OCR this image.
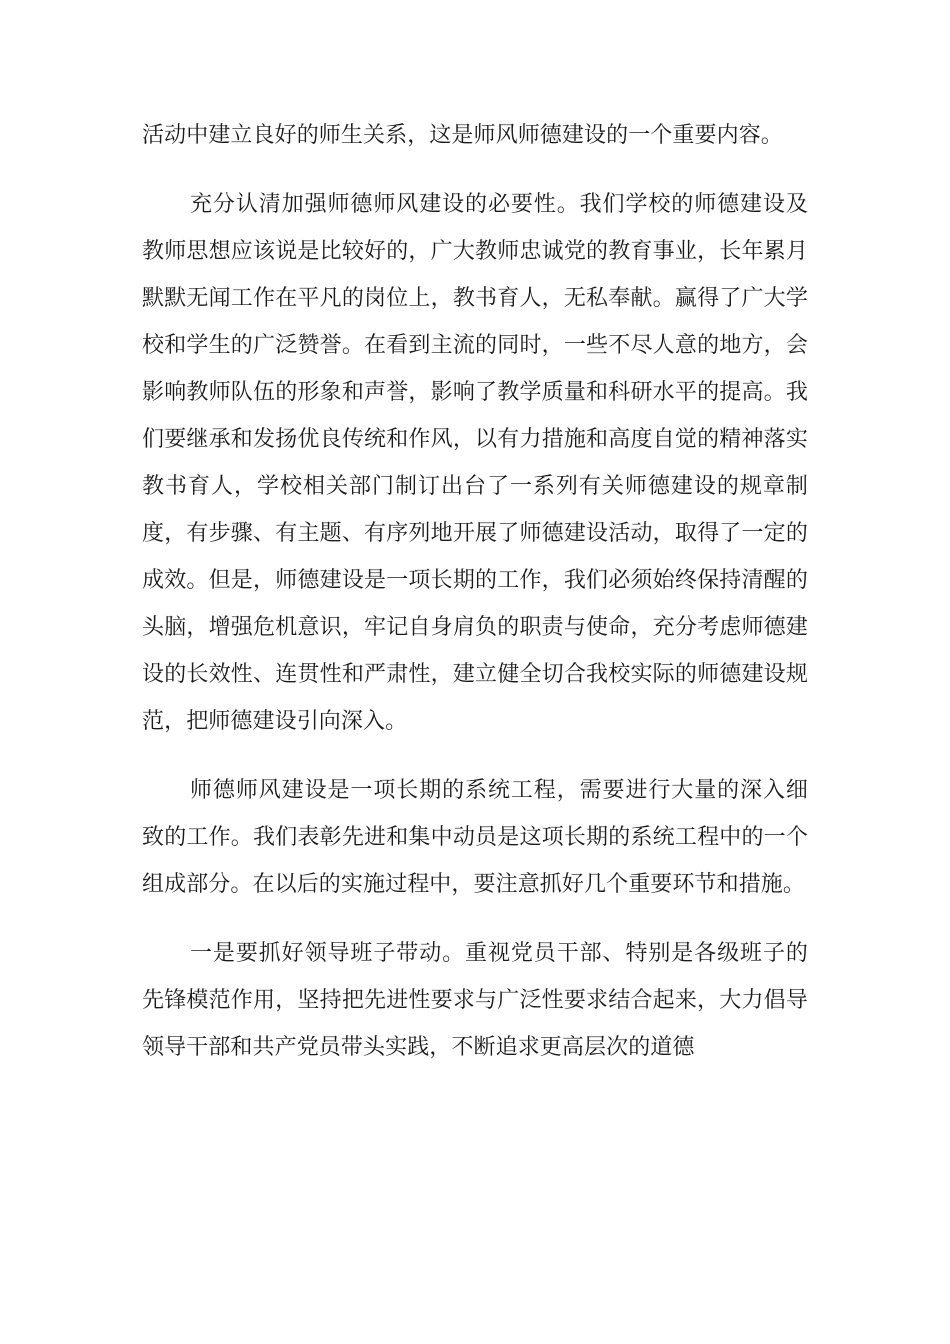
活动中建立良好的师生关系，这是师风师德建设的一个重要内容。

充分认清加强师德师风建设的必要性。我们学校的师德建设及教师思想应该说是比较好的，广大教师忠诚党的教育事业，长年累月默默无闻工作在平凡的岗位上，教书育人，无私奉献。赢得了广大学校和学生的广泛赞誉。在看到主流的同时，一些不尽人意的地方，会影响教师队伍的形象和声誉，影响了教学质量和科研水平的提高。我们要继承和发扬优良传统和作风，以有力措施和高度自觉的精神落实教书育人，学校相关部门制订出台了一系列有关师德建设的规章制度，有步骤、有主题、有序列地开展了师德建设活动，取得了一定的成效。但是，师德建设是一项长期的工作，我们必须始终保持清醒的头脑，增强危机意识，牢记自身肩负的职责与使命，充分考虑师德建设的长效性、连贯性和严肃性，建立健全切合我校实际的师德建设规范，把师德建设引向深入。

师德师风建设是一项长期的系统工程，需要进行大量的深入细致的工作。我们表彰先进和集中动员是这项长期的系统工程中的一个组成部分。在以后的实施过程中，要注意抓好几个重要环节和措施。

一是要抓好领导班子带动。重视党员干部、特别是各级班子的先锋模范作用，坚持把先进性要求与广泛性要求结合起来，大力倡导领导干部和共产党员带头实践，不断追求更高层次的道德
